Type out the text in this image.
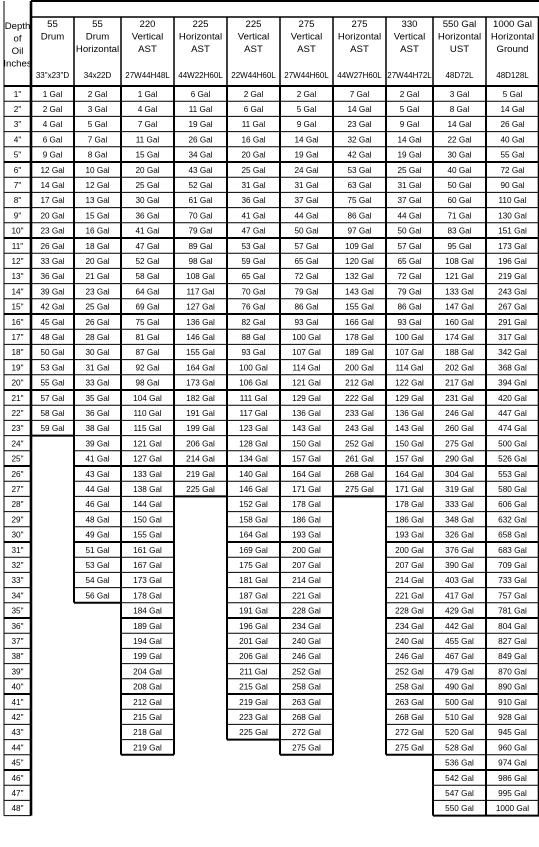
Depth
of
Oil
Inches
55
Drum
33"x23"D
55
Drum
Horizontal
34x22D
220
Vertical
AST
27W44H48L
225
Horizontal
AST
44W22H60L
225
Vertical
AST
22W44H60L
275
Vertical
AST
27W44H60L
275
Horizontal
AST
44W27H60L
330
Vertical
AST
27W44H72L
550 Gal
Horizontal
UST
48D72L
1000 Gal
Horizontal
Ground
48D128L
1"
2"
3"
4"
5"
6"
7"
8"
9"
10"
11"
12"
13"
14"
15"
16"
17"
18"
19"
20"
21"
22"
23"
24"
25"
26"
27"
28"
29"
30"
31"
32"
33"
34"
35"
36"
37"
38"
39"
40"
41"
42"
43"
44"
45"
46"
47"
48"
1 Gal
2 Gal
4 Gal
6 Gal
9 Gal
12 Gal
14 Gal
17 Gal
20 Gal
23 Gal
26 Gal
33 Gal
36 Gal
39 Gal
42 Gal
45 Gal
48 Gal
50 Gal
53 Gal
55 Gal
57 Gal
58 Gal
59 Gal
2 Gal
3 Gal
5 Gal
7 Gal
8 Gal
10 Gal
12 Gal
13 Gal
15 Gal
16 Gal
18 Gal
20 Gal
21 Gal
23 Gal
25 Gal
26 Gal
28 Gal
30 Gal
31 Gal
33 Gal
35 Gal
36 Gal
38 Gal
39 Gal
41 Gal
43 Gal
44 Gal
46 Gal
48 Gal
49 Gal
51 Gal
53 Gal
54 Gal
56 Gal
1 Gal
4 Gal
7 Gal
11 Gal
15 Gal
20 Gal
25 Gal
30 Gal
36 Gal
41 Gal
47 Gal
52 Gal
58 Gal
64 Gal
69 Gal
75 Gal
81 Gal
87 Gal
92 Gal
98 Gal
104 Gal
110 Gal
115 Gal
121 Gal
127 Gal
133 Gal
138 Gal
144 Gal
150 Gal
155 Gal
161 Gal
167 Gal
173 Gal
178 Gal
184 Gal
189 Gal
194 Gal
199 Gal
204 Gal
208 Gal
212 Gal
215 Gal
218 Gal
219 Gal
6 Gal
11 Gal
19 Gal
26 Gal
34 Gal
43 Gal
52 Gal
61 Gal
70 Gal
79 Gal
89 Gal
98 Gal
108 Gal
117 Gal
127 Gal
136 Gal
146 Gal
155 Gal
164 Gal
173 Gal
182 Gal
191 Gal
199 Gal
206 Gal
214 Gal
219 Gal
225 Gal
2 Gal
6 Gal
11 Gal
16 Gal
20 Gal
25 Gal
31 Gal
36 Gal
41 Gal
47 Gal
53 Gal
59 Gal
65 Gal
70 Gal
76 Gal
82 Gal
88 Gal
93 Gal
100 Gal
106 Gal
111 Gal
117 Gal
123 Gal
128 Gal
134 Gal
140 Gal
146 Gal
152 Gal
158 Gal
164 Gal
169 Gal
175 Gal
181 Gal
187 Gal
191 Gal
196 Gal
201 Gal
206 Gal
211 Gal
215 Gal
219 Gal
223 Gal
225 Gal
2 Gal
5 Gal
9 Gal
14 Gal
19 Gal
24 Gal
31 Gal
37 Gal
44 Gal
50 Gal
57 Gal
65 Gal
72 Gal
79 Gal
86 Gal
93 Gal
100 Gal
107 Gal
114 Gal
121 Gal
129 Gal
136 Gal
143 Gal
150 Gal
157 Gal
164 Gal
171 Gal
178 Gal
186 Gal
193 Gal
200 Gal
207 Gal
214 Gal
221 Gal
228 Gal
234 Gal
240 Gal
246 Gal
252 Gal
258 Gal
263 Gal
268 Gal
272 Gal
275 Gal
7 Gal
14 Gal
23 Gal
32 Gal
42 Gal
53 Gal
63 Gal
75 Gal
86 Gal
97 Gal
109 Gal
120 Gal
132 Gal
143 Gal
155 Gal
166 Gal
178 Gal
189 Gal
200 Gal
212 Gal
222 Gal
233 Gal
243 Gal
252 Gal
261 Gal
268 Gal
275 Gal
2 Gal
5 Gal
9 Gal
14 Gal
19 Gal
25 Gal
31 Gal
37 Gal
44 Gal
50 Gal
57 Gal
65 Gal
72 Gal
79 Gal
86 Gal
93 Gal
100 Gal
107 Gal
114 Gal
122 Gal
129 Gal
136 Gal
143 Gal
150 Gal
157 Gal
164 Gal
171 Gal
178 Gal
186 Gal
193 Gal
200 Gal
207 Gal
214 Gal
221 Gal
228 Gal
234 Gal
240 Gal
246 Gal
252 Gal
258 Gal
263 Gal
268 Gal
272 Gal
275 Gal
3 Gal
8 Gal
14 Gal
22 Gal
30 Gal
40 Gal
50 Gal
60 Gal
71 Gal
83 Gal
95 Gal
108 Gal
121 Gal
133 Gal
147 Gal
160 Gal
174 Gal
188 Gal
202 Gal
217 Gal
231 Gal
246 Gal
260 Gal
275 Gal
290 Gal
304 Gal
319 Gal
333 Gal
348 Gal
326 Gal
376 Gal
390 Gal
403 Gal
417 Gal
429 Gal
442 Gal
455 Gal
467 Gal
479 Gal
490 Gal
500 Gal
510 Gal
520 Gal
528 Gal
536 Gal
542 Gal
547 Gal
550 Gal
5 Gal
14 Gal
26 Gal
40 Gal
55 Gal
72 Gal
90 Gal
110 Gal
130 Gal
151 Gal
173 Gal
196 Gal
219 Gal
243 Gal
267 Gal
291 Gal
317 Gal
342 Gal
368 Gal
394 Gal
420 Gal
447 Gal
474 Gal
500 Gal
526 Gal
553 Gal
580 Gal
606 Gal
632 Gal
658 Gal
683 Gal
709 Gal
733 Gal
757 Gal
781 Gal
804 Gal
827 Gal
849 Gal
870 Gal
890 Gal
910 Gal
928 Gal
945 Gal
960 Gal
974 Gal
986 Gal
995 Gal
1000 Gal
